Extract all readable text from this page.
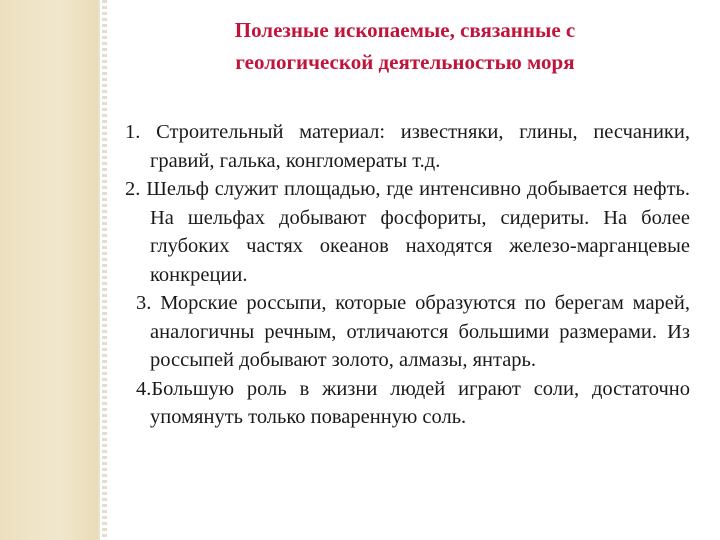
Полезные ископаемые, связанные с
геологической деятельностью моря
1. Строительный материал: известняки, глины, песчаники, гравий, галька, конгломераты т.д.
2. Шельф служит площадью, где интенсивно добывается нефть. На шельфах добывают фосфориты, сидериты. На более глубоких частях океанов находятся железо-марганцевые конкреции.
3. Морские россыпи, которые образуются по берегам марей, аналогичны речным, отличаются большими размерами. Из россыпей добывают золото, алмазы, янтарь.
4.Большую роль в жизни людей играют соли, достаточно упомянуть только поваренную соль.
